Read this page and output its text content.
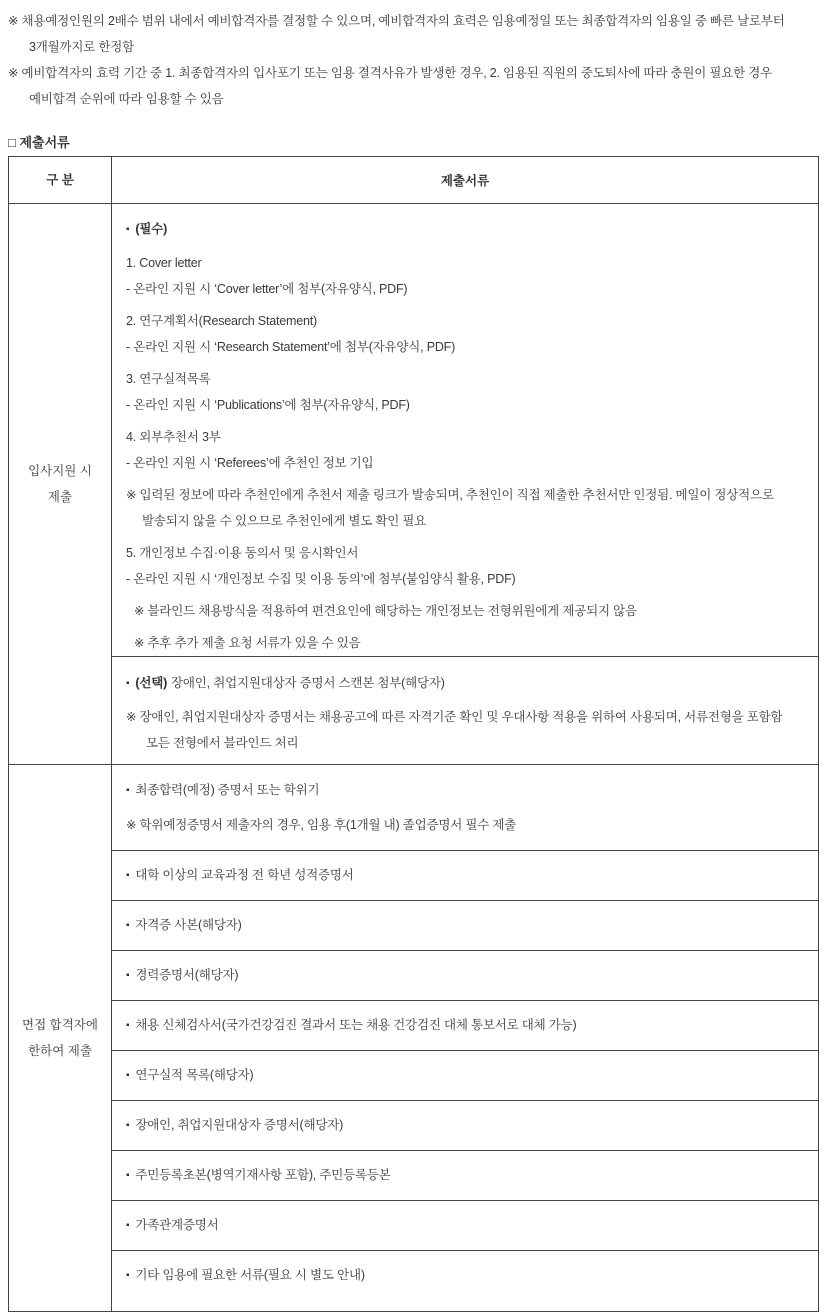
※ 채용예정인원의 2배수 범위 내에서 예비합격자를 결정할 수 있으며, 예비합격자의 효력은 임용예정일 또는 최종합격자의 임용일 중 빠른 날로부터
3개월까지로 한정함
※ 예비합격자의 효력 기간 중 1. 최종합격자의 입사포기 또는 임용 결격사유가 발생한 경우, 2. 임용된 직원의 중도퇴사에 따라 충원이 필요한 경우
예비합격 순위에 따라 임용할 수 있음
□ 제출서류
구 분	제출서류
입사지원 시
제출
▪(필수)
1. Cover letter
- 온라인 지원 시 ‘Cover letter’에 첨부(자유양식, PDF)
2. 연구계획서(Research Statement)
- 온라인 지원 시 ‘Research Statement’에 첨부(자유양식, PDF)
3. 연구실적목록
- 온라인 지원 시 ‘Publications’에 첨부(자유양식, PDF)
4. 외부추천서 3부
- 온라인 지원 시 ‘Referees’에 추천인 정보 기입
※ 입력된 정보에 따라 추천인에게 추천서 제출 링크가 발송되며, 추천인이 직접 제출한 추천서만 인정됨. 메일이 정상적으로
발송되지 않을 수 있으므로 추천인에게 별도 확인 필요
5. 개인정보 수집·이용 동의서 및 응시확인서
- 온라인 지원 시 ‘개인정보 수집 및 이용 동의’에 첨부(붙임양식 활용, PDF)
※ 블라인드 채용방식을 적용하여 편견요인에 해당하는 개인정보는 전형위원에게 제공되지 않음
※ 추후 추가 제출 요청 서류가 있을 수 있음
▪(선택) 장애인, 취업지원대상자 증명서 스캔본 첨부(해당자)
※ 장애인, 취업지원대상자 증명서는 채용공고에 따른 자격기준 확인 및 우대사항 적용을 위하여 사용되며, 서류전형을 포함함
모든 전형에서 블라인드 처리
면접 합격자에
한하여 제출
▪최종합력(예정) 증명서 또는 학위기
※ 학위예정증명서 제출자의 경우, 임용 후(1개월 내) 졸업증명서 필수 제출
▪대학 이상의 교육과정 전 학년 성적증명서
▪자격증 사본(해당자)
▪경력증명서(해당자)
▪채용 신체검사서(국가건강검진 결과서 또는 채용 건강검진 대체 통보서로 대체 가능)
▪연구실적 목록(해당자)
▪장애인, 취업지원대상자 증명서(해당자)
▪주민등록초본(병역기재사항 포함), 주민등록등본
▪가족관계증명서
▪기타 임용에 필요한 서류(필요 시 별도 안내)
